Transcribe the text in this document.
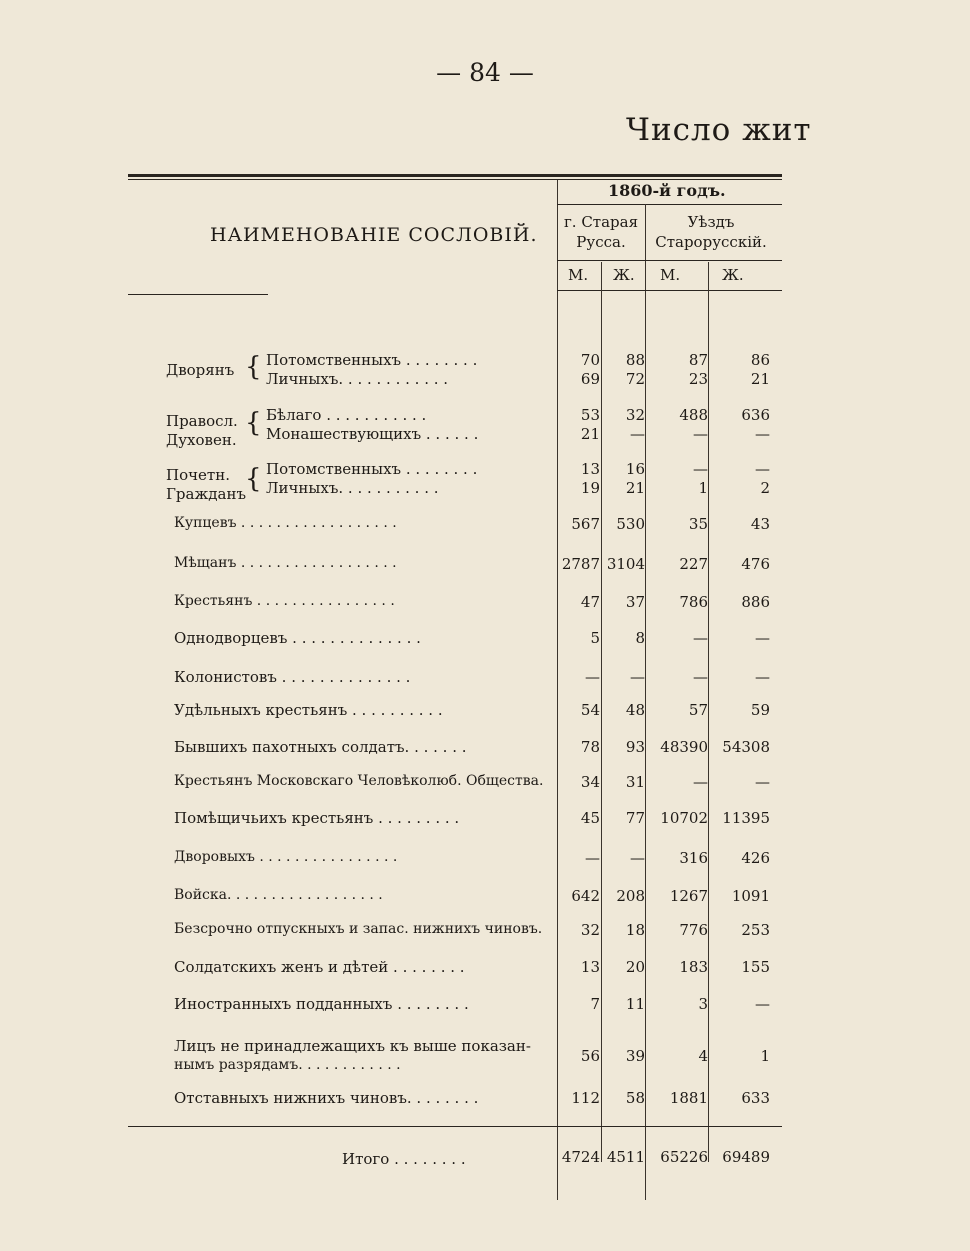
— 84 —
Число жит
НАИМЕНОВАНІЕ СОСЛОВІЙ.
1860-й годъ.
г. Старая
Русса.
Уѣздъ
Старорусскій.
М. Ж. М.	Ж.
{
{
{
Дворянъ
Потомственныхъ . . . . . . . .	70	88	87	86
Личныхъ. . . . . . . . . . . .	69	72	23	21
Правосл. Бѣлаго . . . . . . . . . . .	53	32	488	636
Духовен. Монашествующихъ . . . . . .	21	—	—	—
Почетн. Потомственныхъ . . . . . . . .	13	16	—	—
Гражданъ Личныхъ. . . . . . . . . . .	19	21	1	2
Купцевъ . . . . . . . . . . . . . . . . . .	567	530	35	43
Мѣщанъ . . . . . . . . . . . . . . . . . .	2787 3104	227	476
Крестьянъ . . . . . . . . . . . . . . . .	47	37	786	886
Однодворцевъ . . . . . . . . . . . . . .	5	8	—	—
Колонистовъ . . . . . . . . . . . . . .	—	—	—	—
Удѣльныхъ крестьянъ . . . . . . . . . .	54	48	57	59
Бывшихъ пахотныхъ солдатъ. . . . . . .	78	93	48390 54308
Крестьянъ Московскаго Человѣколюб. Общества.	34	31	—	—
Помѣщичьихъ крестьянъ . . . . . . . . .	45	77	10702 11395
Дворовыхъ . . . . . . . . . . . . . . . .	—	—	316	426
Войска. . . . . . . . . . . . . . . . . .	642	208	1267	1091
Безсрочно отпускныхъ и запас. нижнихъ чиновъ.	32	18	776	253
Солдатскихъ женъ и дѣтей . . . . . . . .	13	20	183	155
Иностранныхъ подданныхъ . . . . . . . .	7	11	3	—
Лицъ не принадлежащихъ къ выше показан-
нымъ разрядамъ. . . . . . . . . . . .	56	39	4	1
Отставныхъ нижнихъ чиновъ. . . . . . . .	112	58	1881	633
Итого . . . . . . . .	4724 4511	65226 69489
